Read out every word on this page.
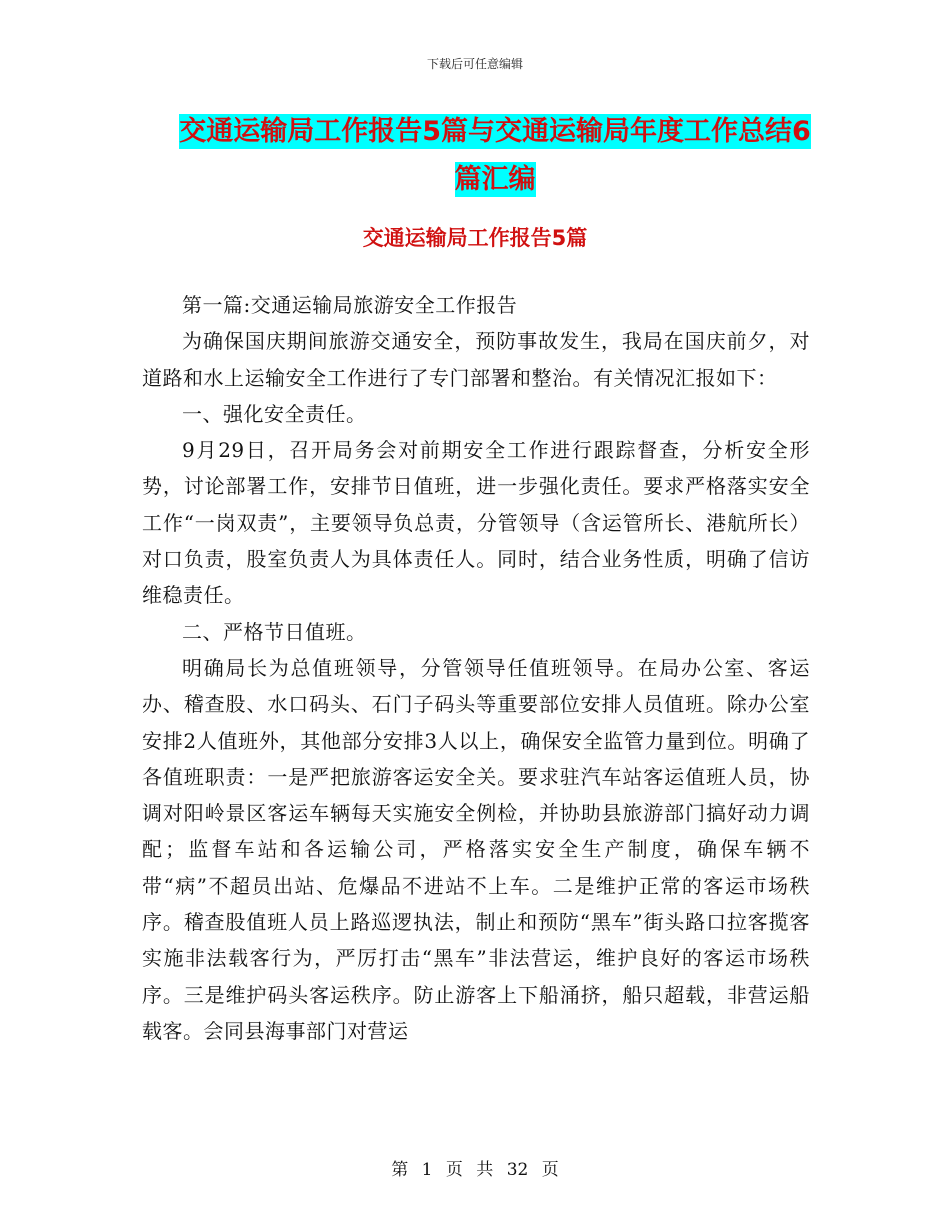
下载后可任意编辑
交通运输局工作报告5篇与交通运输局年度工作总结6
篇汇编
交通运输局工作报告5篇

第一篇:交通运输局旅游安全工作报告

为确保国庆期间旅游交通安全，预防事故发生，我局在国庆前夕，对道路和水上运输安全工作进行了专门部署和整治。有关情况汇报如下：

一、强化安全责任。

9月29日，召开局务会对前期安全工作进行跟踪督查，分析安全形势，讨论部署工作，安排节日值班，进一步强化责任。要求严格落实安全工作“一岗双责”，主要领导负总责，分管领导（含运管所长、港航所长）对口负责，股室负责人为具体责任人。同时，结合业务性质，明确了信访维稳责任。

二、严格节日值班。

明确局长为总值班领导，分管领导任值班领导。在局办公室、客运办、稽查股、水口码头、石门子码头等重要部位安排人员值班。除办公室安排2人值班外，其他部分安排3人以上，确保安全监管力量到位。明确了各值班职责：一是严把旅游客运安全关。要求驻汽车站客运值班人员，协调对阳岭景区客运车辆每天实施安全例检，并协助县旅游部门搞好动力调配；监督车站和各运输公司，严格落实安全生产制度，确保车辆不带“病”不超员出站、危爆品不进站不上车。二是维护正常的客运市场秩序。稽查股值班人员上路巡逻执法，制止和预防“黑车”街头路口拉客揽客实施非法载客行为，严厉打击“黑车”非法营运，维护良好的客运市场秩序。三是维护码头客运秩序。防止游客上下船涌挤，船只超载，非营运船载客。会同县海事部门对营运

第 1 页 共 32 页
